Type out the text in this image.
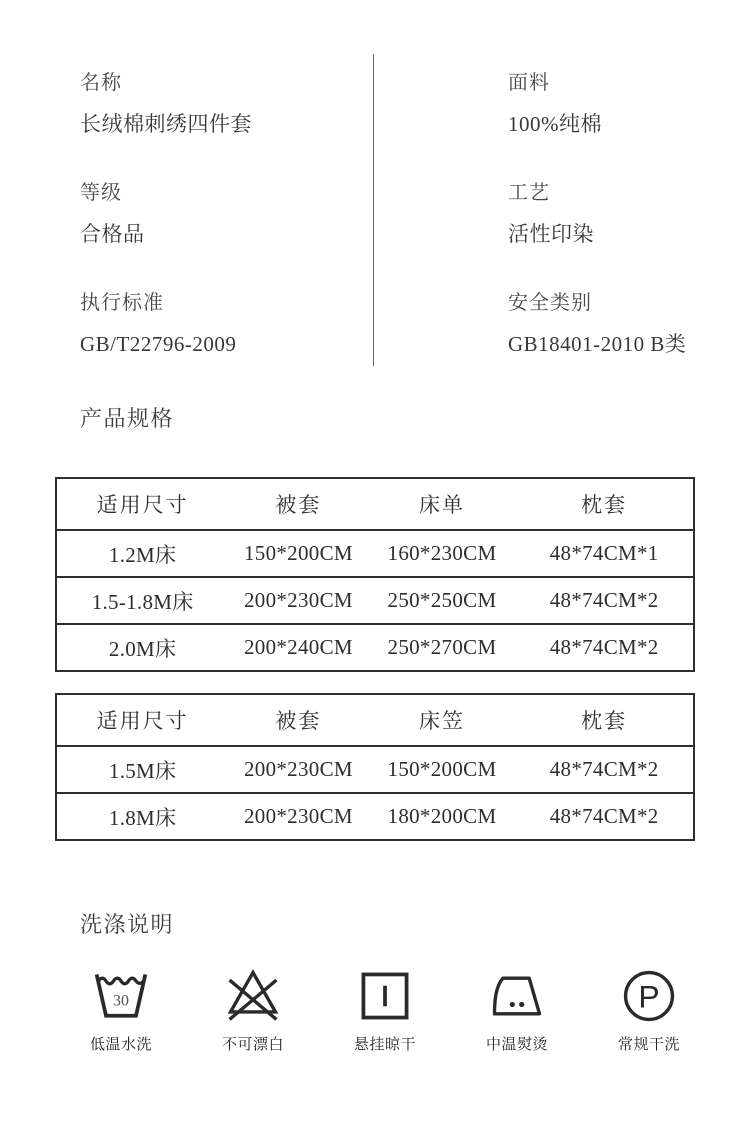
名称
长绒棉刺绣四件套
等级
合格品
执行标准
GB/T22796-2009
面料
100%纯棉
工艺
活性印染
安全类别
GB18401-2010 B类
产品规格
适用尺寸	被套	床单	枕套
1.2M床	150*200CM	160*230CM	48*74CM*1
1.5-1.8M床	200*230CM	250*250CM	48*74CM*2
2.0M床	200*240CM	250*270CM	48*74CM*2
适用尺寸	被套	床笠	枕套
1.5M床	200*230CM	150*200CM	48*74CM*2
1.8M床	200*230CM	180*200CM	48*74CM*2
洗涤说明
30
低温水洗	不可漂白	悬挂晾干	中温熨烫
P
常规干洗
